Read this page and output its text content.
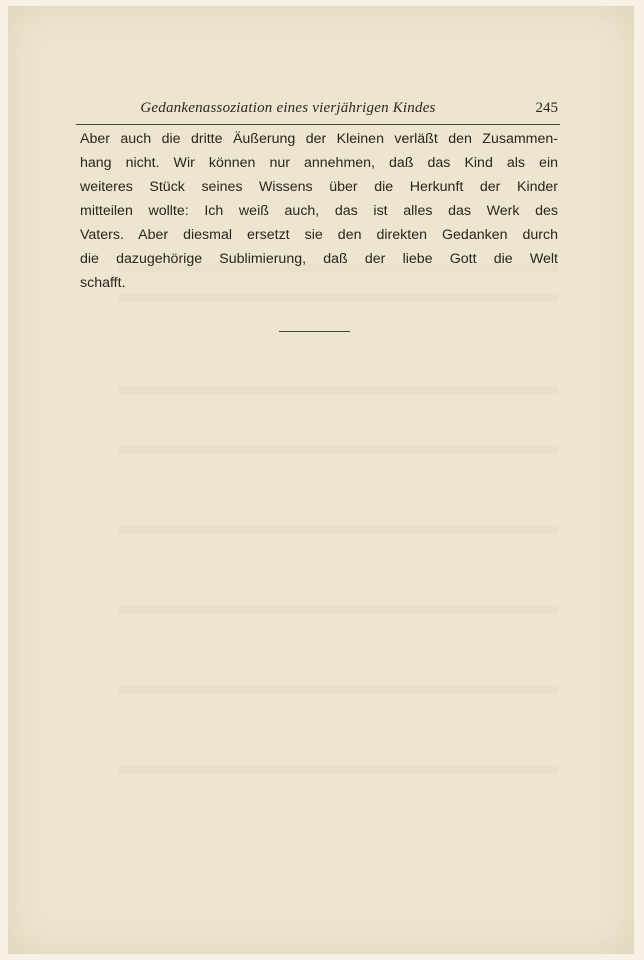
Gedankenassoziation eines vierjährigen Kindes	245
Aber auch die dritte Äußerung der Kleinen verläßt den Zusammen-
hang nicht. Wir können nur annehmen, daß das Kind als ein
weiteres Stück seines Wissens über die Herkunft der Kinder
mitteilen wollte: Ich weiß auch, das ist alles das Werk des
Vaters. Aber diesmal ersetzt sie den direkten Gedanken durch
die dazugehörige Sublimierung, daß der liebe Gott die Welt
schafft.
